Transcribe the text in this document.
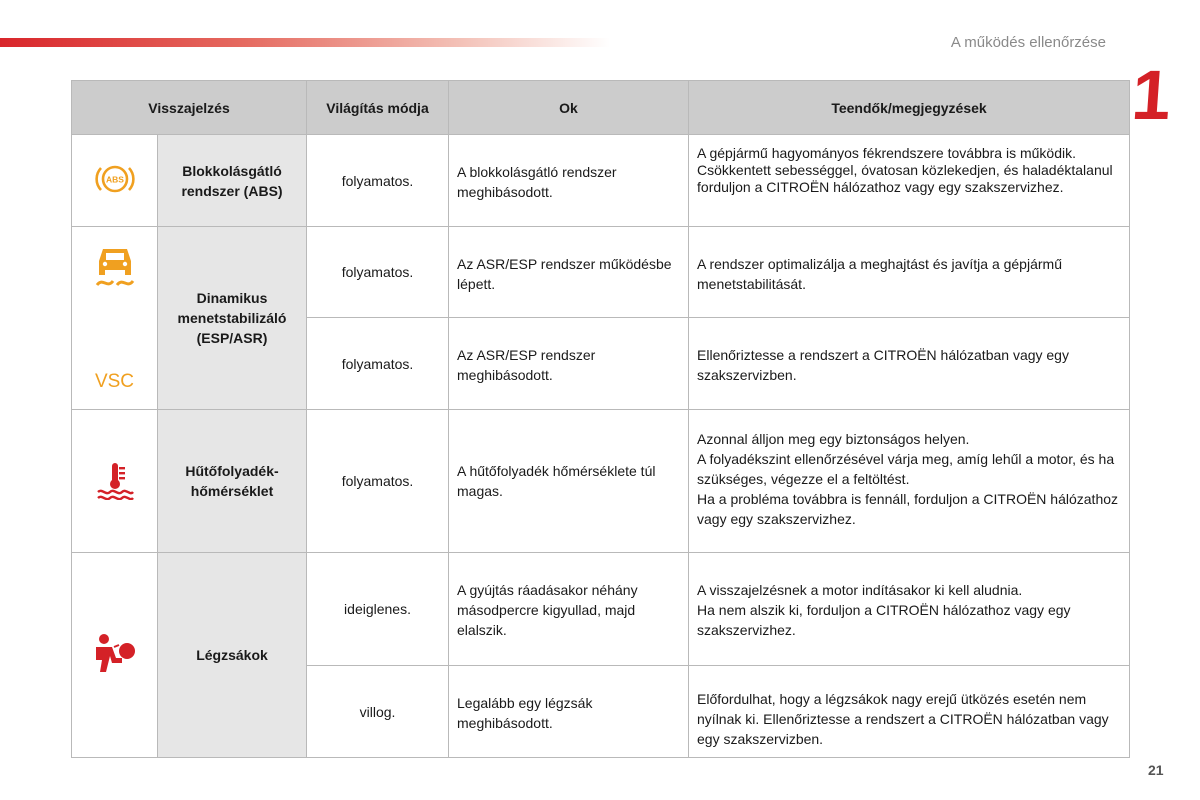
A működés ellenőrzése
1
Visszajelzés		Világítás módja	Ok	Teendők/megjegyzések

ABS	Blokkolásgátló rendszer (ABS)	folyamatos.	A blokkolásgátló rendszer meghibásodott.	A gépjármű hagyományos fékrendszere továbbra is működik. Csökkentett sebességgel, óvatosan közlekedjen, és haladéktalanul forduljon a CITROËN hálózathoz vagy egy szakszervizhez.

VSC	Dinamikus menetstabilizáló (ESP/ASR)	folyamatos.	Az ASR/ESP rendszer működésbe lépett.	A rendszer optimalizálja a meghajtást és javítja a gépjármű menetstabilitását.
		folyamatos.	Az ASR/ESP rendszer meghibásodott.	Ellenőriztesse a rendszert a CITROËN hálózatban vagy egy szakszervizben.
	Hűtőfolyadék-hőmérséklet	folyamatos.	A hűtőfolyadék hőmérséklete túl magas.	Azonnal álljon meg egy biztonságos helyen.

A folyadékszint ellenőrzésével várja meg, amíg lehűl a motor, és ha szükséges, végezze el a feltöltést.

Ha a probléma továbbra is fennáll, forduljon a CITROËN hálózathoz vagy egy szakszervizhez.

	Légzsákok	ideiglenes.	A gyújtás ráadásakor néhány másodpercre kigyullad, majd elalszik.	A visszajelzésnek a motor indításakor ki kell aludnia.

Ha nem alszik ki, forduljon a CITROËN hálózathoz vagy egy szakszervizhez.

		villog.	Legalább egy légzsák meghibásodott.	Előfordulhat, hogy a légzsákok nagy erejű ütközés esetén nem nyílnak ki. Ellenőriztesse a rendszert a CITROËN hálózatban vagy egy szakszervizben.
21
